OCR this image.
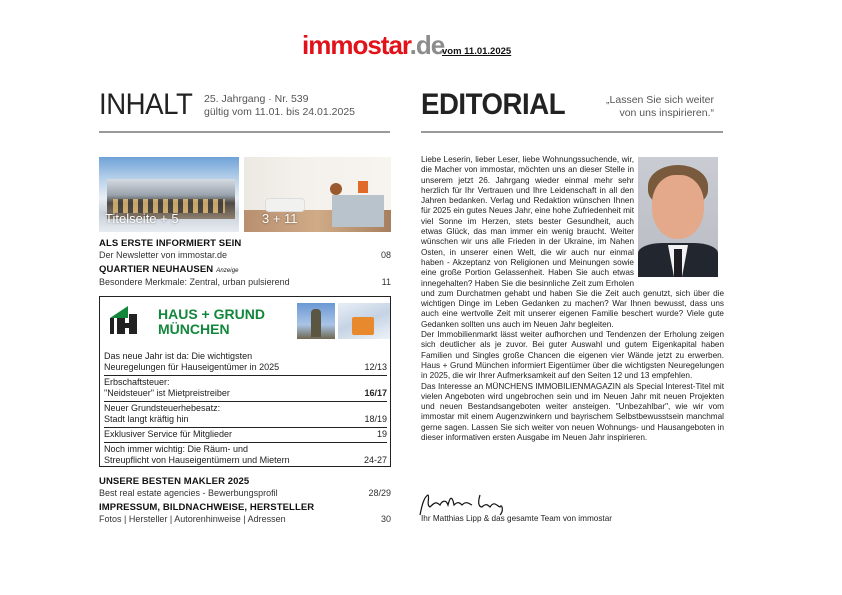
immostar.de
vom 11.01.2025
INHALT 25. Jahrgang · Nr. 539
gültig vom 11.01. bis 24.01.2025 EDITORIAL	„Lassen Sie sich weiter
von uns inspirieren.“
Titelseite + 5	3 + 11
ALS ERSTE INFORMIERT SEIN
Der Newsletter von immostar.de	08
QUARTIER NEUHAUSEN Anzeige
Besondere Merkmale: Zentral, urban pulsierend	11
HAUS + GRUND
MÜNCHEN
Das neue Jahr ist da: Die wichtigsten
Neuregelungen für Hauseigentümer in 2025	12/13
Erbschaftsteuer:
"Neidsteuer" ist Mietpreistreiber	16/17
Neuer Grundsteuerhebesatz:
Stadt langt kräftig hin	18/19
Exklusiver Service für Mitglieder	19
Noch immer wichtig: Die Räum- und
Streupflicht von Hauseigentümern und Mietern	24-27
UNSERE BESTEN MAKLER 2025
Best real estate agencies - Bewerbungsprofil	28/29
IMPRESSUM, BILDNACHWEISE, HERSTELLER
Fotos | Hersteller | Autorenhinweise | Adressen	30

Liebe Leserin, lieber Leser, liebe Wohnungssuchende, wir, die Macher von immostar, möchten uns an dieser Stelle in unserem jetzt 26. Jahrgang wieder einmal mehr sehr herzlich für Ihr Vertrauen und Ihre Leidenschaft in all den Jahren bedanken. Verlag und Redaktion wünschen Ihnen für 2025 ein gutes Neues Jahr, eine hohe Zufriedenheit mit viel Sonne im Herzen, stets bester Gesundheit, auch etwas Glück, das man immer ein wenig braucht. Weiter wünschen wir uns alle Frieden in der Ukraine, im Nahen Osten, in unserer einen Welt, die wir auch nur einmal haben - Akzeptanz von Religionen und Meinungen sowie eine große Portion Gelassenheit. Haben Sie auch etwas innegehalten? Haben Sie die besinnliche Zeit zum Erholen und zum Durchatmen gehabt und haben Sie die Zeit auch genutzt, sich über die wichtigen Dinge im Leben Gedanken zu machen? War Ihnen bewusst, dass uns auch eine wertvolle Zeit mit unserer eigenen Familie beschert wurde? Viele gute Gedanken sollten uns auch im Neuen Jahr begleiten.

Der Immobilienmarkt lässt weiter aufhorchen und Tendenzen der Erholung zeigen sich deutlicher als je zuvor. Bei guter Auswahl und gutem Eigenkapital haben Familien und Singles große Chancen die eigenen vier Wände jetzt zu erwerben. Haus + Grund München informiert Eigentümer über die wichtigsten Neuregelungen in 2025, die wir Ihrer Aufmerksamkeit auf den Seiten 12 und 13 empfehlen.

Das Interesse an MÜNCHENS IMMOBILIENMAGAZIN als Special Interest-Titel mit vielen Angeboten wird ungebrochen sein und im Neuen Jahr mit neuen Projekten und neuen Bestandsangeboten weiter ansteigen. "Unbezahlbar", wie wir vom immostar mit einem Augenzwinkern und bayrischem Selbstbewusstsein manchmal gerne sagen. Lassen Sie sich weiter von neuen Wohnungs- und Hausangeboten in dieser informativen ersten Ausgabe im Neuen Jahr inspirieren.

Ihr Matthias Lipp & das gesamte Team von immostar
